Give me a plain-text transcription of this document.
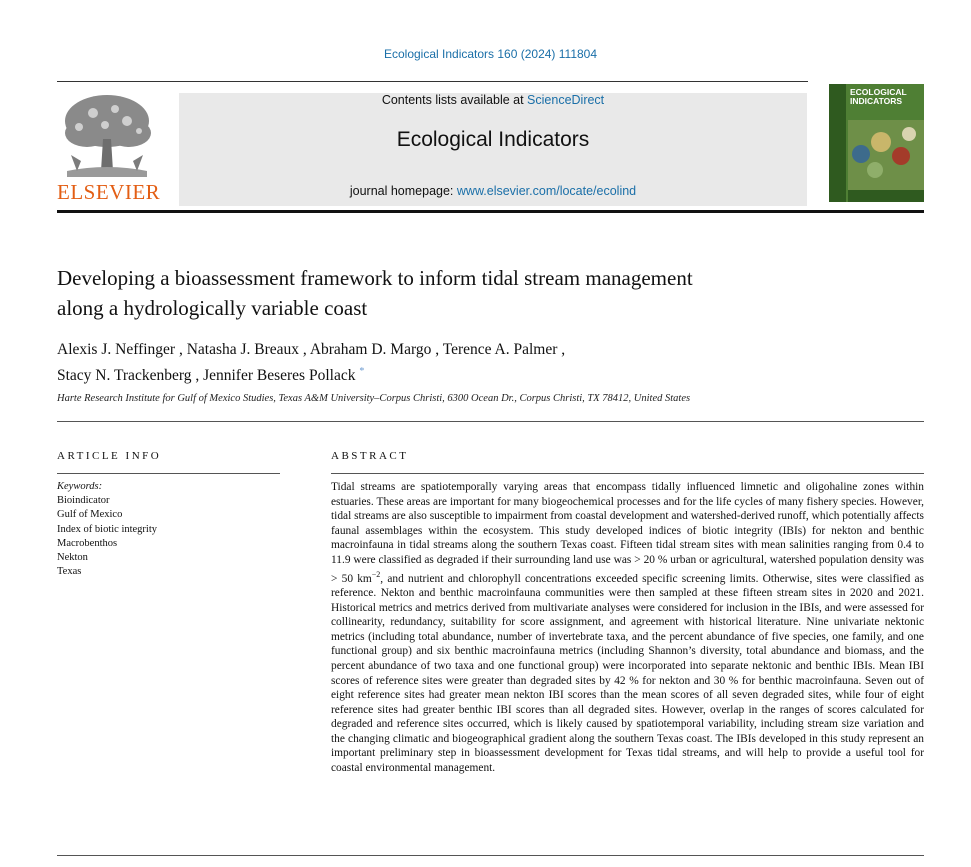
Ecological Indicators 160 (2024) 111804
ELSEVIER
Contents lists available at ScienceDirect
Ecological Indicators
journal homepage: www.elsevier.com/locate/ecolind
ECOLOGICAL INDICATORS
Developing a bioassessment framework to inform tidal stream management
along a hydrologically variable coast
Alexis J. Neffinger , Natasha J. Breaux , Abraham D. Margo , Terence A. Palmer ,
Stacy N. Trackenberg , Jennifer Beseres Pollack *
Harte Research Institute for Gulf of Mexico Studies, Texas A&M University–Corpus Christi, 6300 Ocean Dr., Corpus Christi, TX 78412, United States
ARTICLE INFO
Keywords:
Bioindicator
Gulf of Mexico
Index of biotic integrity
Macrobenthos
Nekton
Texas
ABSTRACT
Tidal streams are spatiotemporally varying areas that encompass tidally influenced limnetic and oligohaline zones within estuaries. These areas are important for many biogeochemical processes and for the life cycles of many fishery species. However, tidal streams are also susceptible to impairment from coastal development and watershed-derived runoff, which potentially affects faunal assemblages within the ecosystem. This study developed indices of biotic integrity (IBIs) for nekton and benthic macroinfauna in tidal streams along the southern Texas coast. Fifteen tidal stream sites with mean salinities ranging from 0.4 to 11.9 were classified as degraded if their surrounding land use was > 20 % urban or agricultural, watershed population density was > 50 $km^{-2}$, and nutrient and chlorophyll concentrations exceeded specific screening limits. Otherwise, sites were classified as reference. Nekton and benthic macroinfauna communities were then sampled at these fifteen stream sites in 2020 and 2021. Historical metrics and metrics derived from multivariate analyses were considered for inclusion in the IBIs, and were assessed for collinearity, redundancy, suitability for score assignment, and agreement with historical literature. Nine univariate nektonic metrics (including total abundance, number of invertebrate taxa, and the percent abundance of five species, one family, and one functional group) and six benthic macroinfauna metrics (including Shannon’s diversity, total abundance and biomass, and the percent abundance of two taxa and one functional group) were incorporated into separate nektonic and benthic IBIs. Mean IBI scores of reference sites were greater than degraded sites by 42 % for nekton and 30 % for benthic macroinfauna. Seven out of eight reference sites had greater mean nekton IBI scores than the mean scores of all seven degraded sites, while four of eight reference sites had greater benthic IBI scores than all degraded sites. However, overlap in the ranges of scores calculated for degraded and reference sites occurred, which is likely caused by spatiotemporal variability, including stream size variation and the changing climatic and biogeographical gradient along the southern Texas coast. The IBIs developed in this study represent an important preliminary step in bioassessment development for Texas tidal streams, and will help to provide a useful tool for coastal environmental management.
